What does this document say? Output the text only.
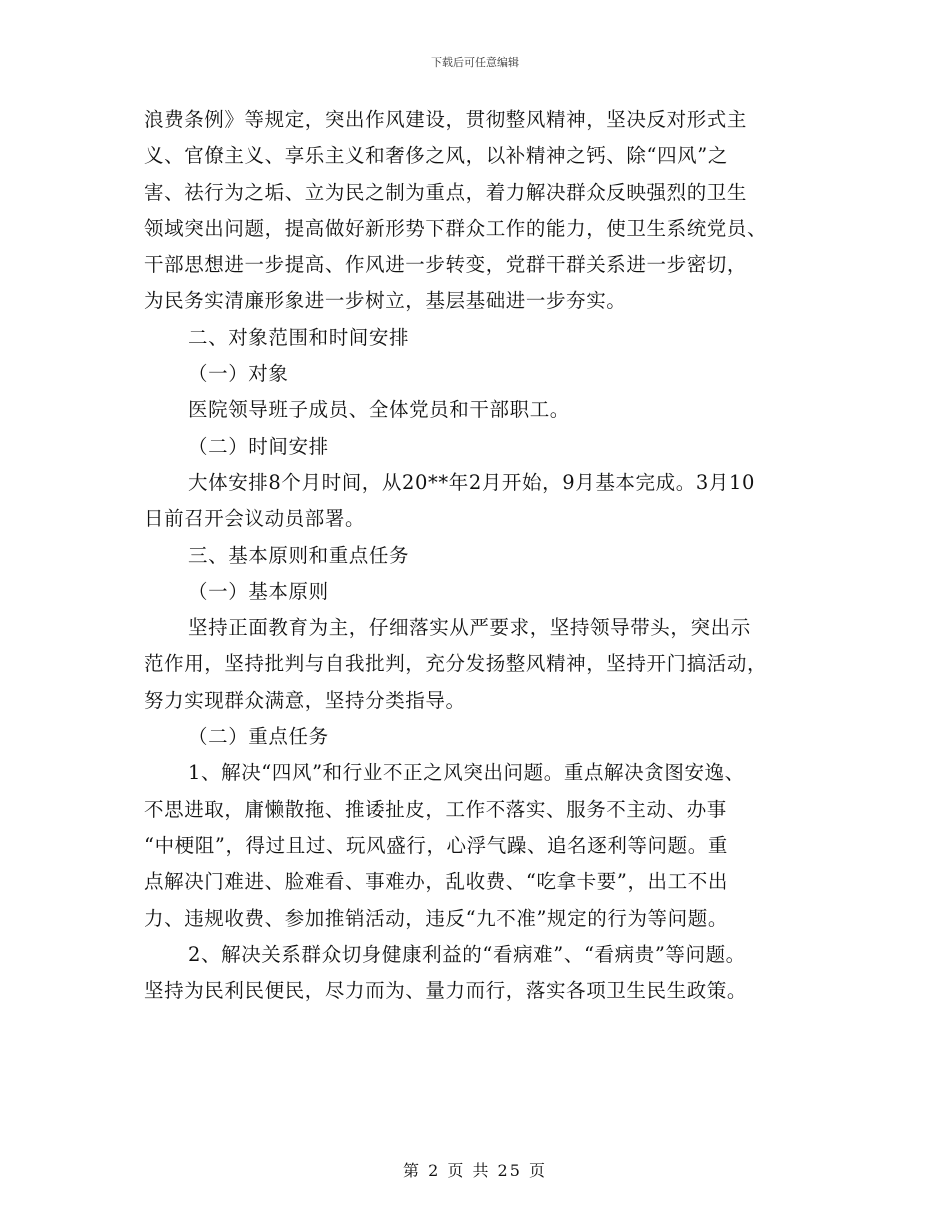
下载后可任意编辑
浪费条例》等规定，突出作风建设，贯彻整风精神，坚决反对形式主
义、官僚主义、享乐主义和奢侈之风，以补精神之钙、除“四风”之
害、祛行为之垢、立为民之制为重点，着力解决群众反映强烈的卫生
领域突出问题，提高做好新形势下群众工作的能力，使卫生系统党员、
干部思想进一步提高、作风进一步转变，党群干群关系进一步密切，
为民务实清廉形象进一步树立，基层基础进一步夯实。
二、对象范围和时间安排
（一）对象
医院领导班子成员、全体党员和干部职工。
（二）时间安排
大体安排8个月时间，从20**年2月开始，9月基本完成。3月10
日前召开会议动员部署。
三、基本原则和重点任务
（一）基本原则
坚持正面教育为主，仔细落实从严要求，坚持领导带头，突出示
范作用，坚持批判与自我批判，充分发扬整风精神，坚持开门搞活动，
努力实现群众满意，坚持分类指导。
（二）重点任务
1、解决“四风”和行业不正之风突出问题。重点解决贪图安逸、
不思进取，庸懒散拖、推诿扯皮，工作不落实、服务不主动、办事
“中梗阻”，得过且过、玩风盛行，心浮气躁、追名逐利等问题。重
点解决门难进、脸难看、事难办，乱收费、“吃拿卡要”，出工不出
力、违规收费、参加推销活动，违反“九不准”规定的行为等问题。
2、解决关系群众切身健康利益的“看病难”、“看病贵”等问题。
坚持为民利民便民，尽力而为、量力而行，落实各项卫生民生政策。
第 2 页 共 25 页
